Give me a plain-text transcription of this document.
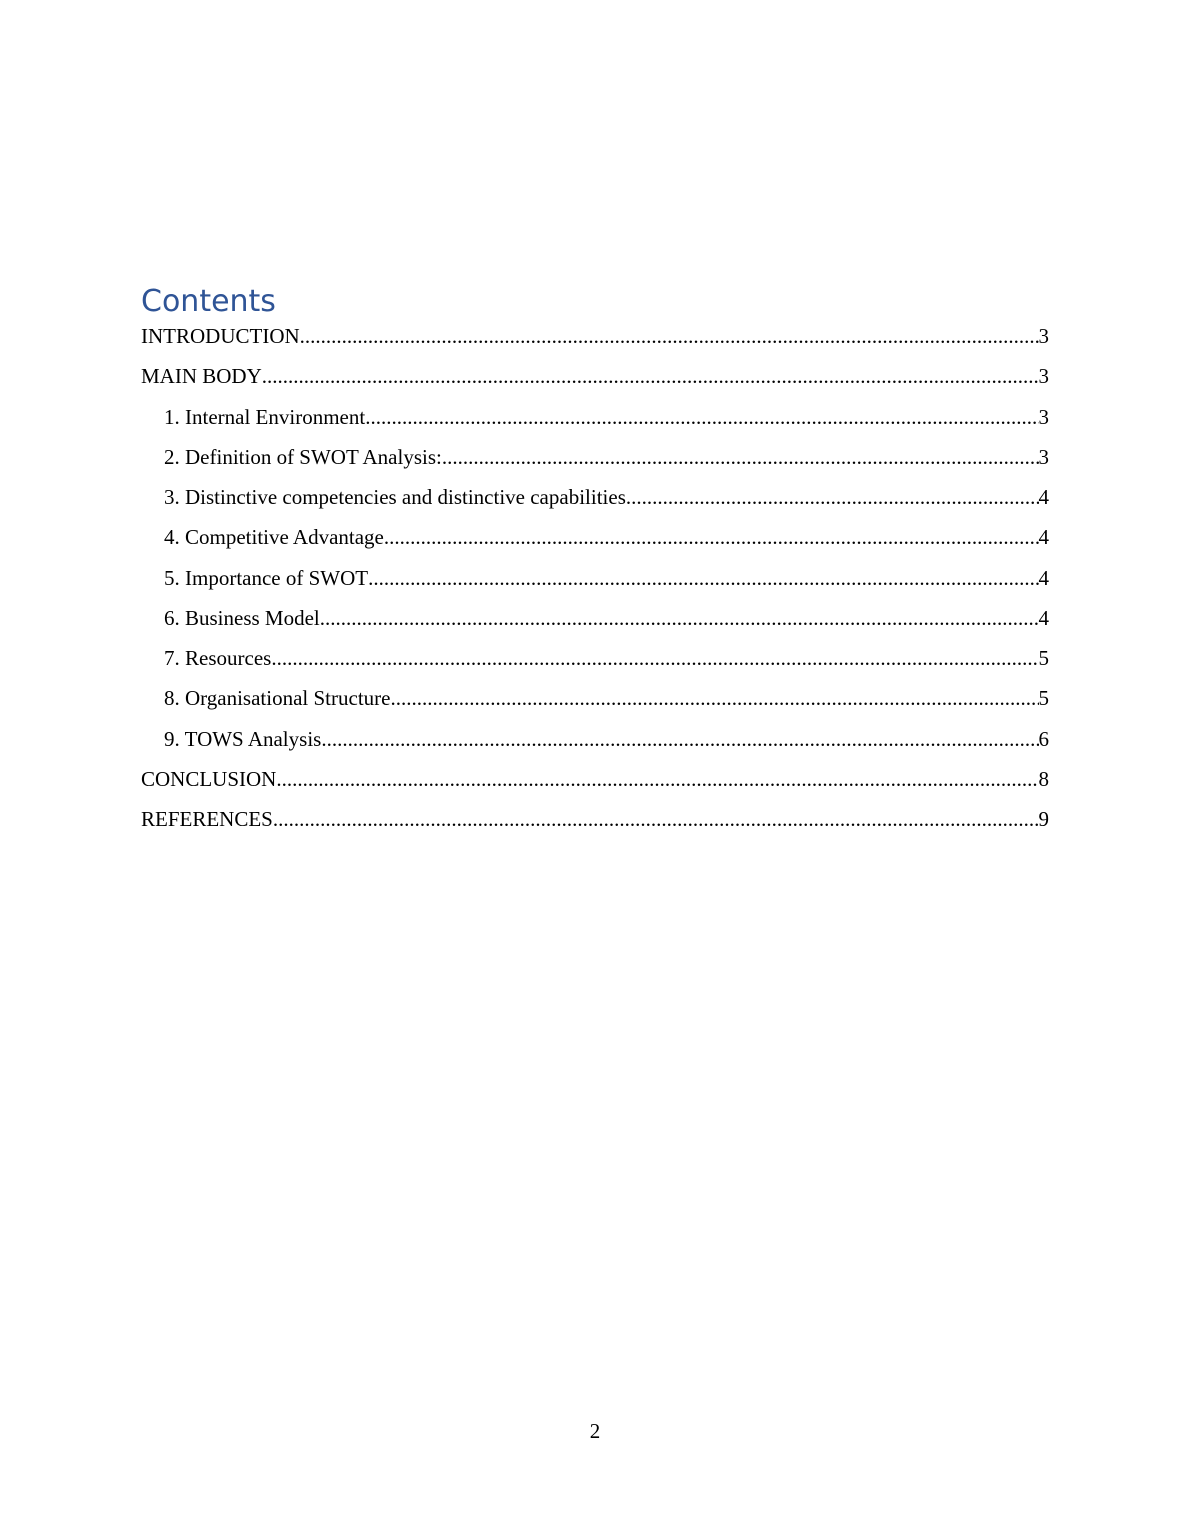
Contents
INTRODUCTION .....	3
MAIN BODY .....	3
1. Internal Environment .....	3
2. Definition of SWOT Analysis: .....	3
3. Distinctive competencies and distinctive capabilities .....	4
4. Competitive Advantage .....	4
5. Importance of SWOT .....	4
6. Business Model .....	4
7. Resources .....	5
8. Organisational Structure .....	5
9. TOWS Analysis .....	6
CONCLUSION .....	8
REFERENCES .....	9
2
